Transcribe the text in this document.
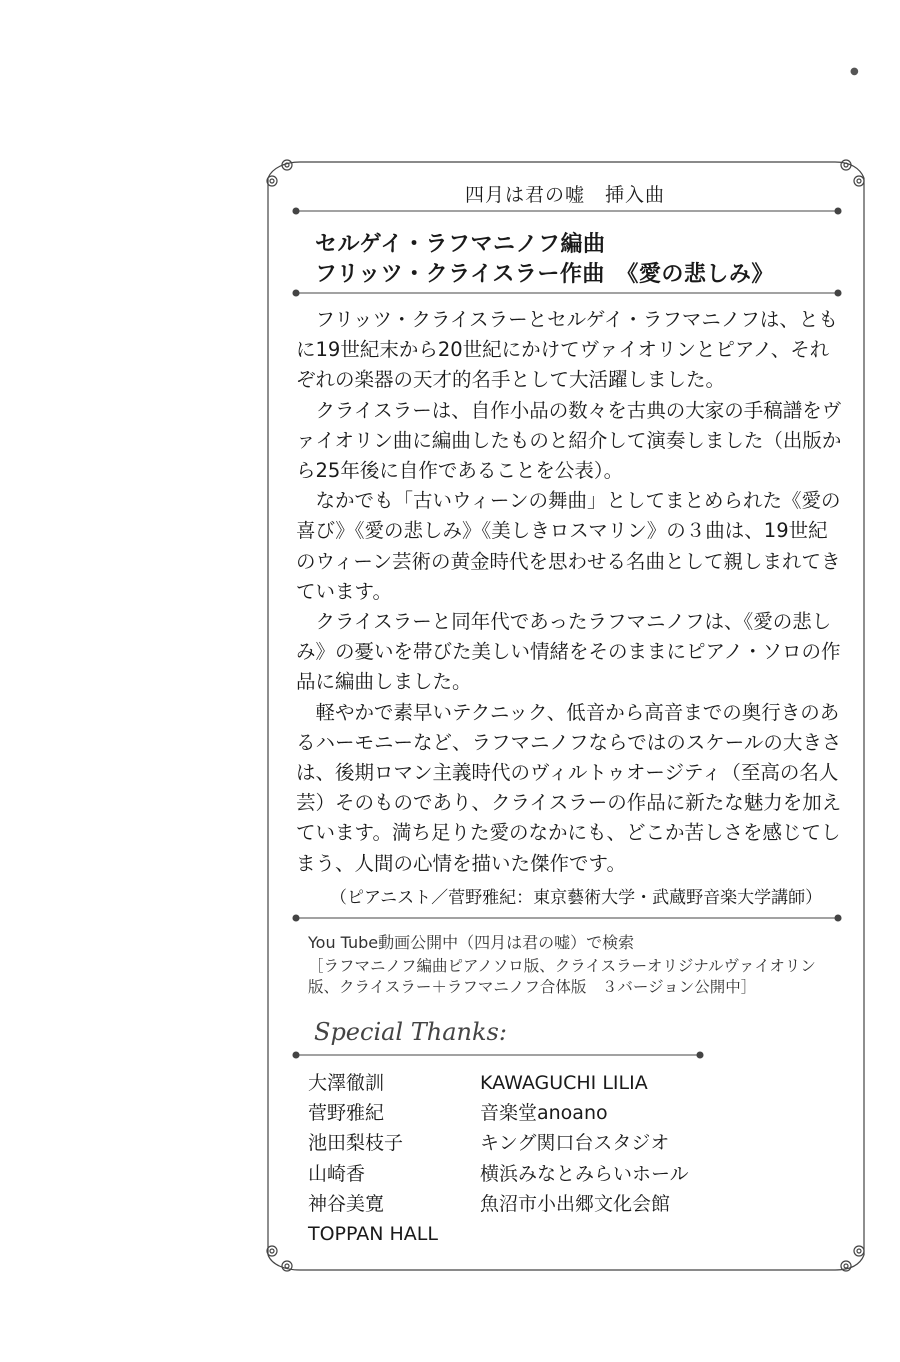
●
四月は君の嘘　挿入曲
セルゲイ・ラフマニノフ編曲
フリッツ・クライスラー作曲　《愛の悲しみ》

フリッツ・クライスラーとセルゲイ・ラフマニノフは、ともに19世紀末から20世紀にかけてヴァイオリンとピアノ、それぞれの楽器の天才的名手として大活躍しました。

クライスラーは、自作小品の数々を古典の大家の手稿譜をヴァイオリン曲に編曲したものと紹介して演奏しました（出版から25年後に自作であることを公表）。

なかでも「古いウィーンの舞曲」としてまとめられた《愛の喜び》《愛の悲しみ》《美しきロスマリン》の３曲は、19世紀のウィーン芸術の黄金時代を思わせる名曲として親しまれてきています。

クライスラーと同年代であったラフマニノフは、《愛の悲しみ》の憂いを帯びた美しい情緒をそのままにピアノ・ソロの作品に編曲しました。

軽やかで素早いテクニック、低音から高音までの奥行きのあるハーモニーなど、ラフマニノフならではのスケールの大きさは、後期ロマン主義時代のヴィルトゥオージティ（至高の名人芸）そのものであり、クライスラーの作品に新たな魅力を加えています。満ち足りた愛のなかにも、どこか苦しさを感じてしまう、人間の心情を描いた傑作です。

（ピアニスト／菅野雅紀：東京藝術大学・武蔵野音楽大学講師）

You Tube動画公開中（四月は君の嘘）で検索

［ラフマニノフ編曲ピアノソロ版、クライスラーオリジナルヴァイオリン版、クライスラー＋ラフマニノフ合体版　３バージョン公開中］

Special Thanks:
大澤徹訓
菅野雅紀
池田梨枝子
山崎香
神谷美寛
TOPPAN HALL
KAWAGUCHI LILIA
音楽堂anoano
キング関口台スタジオ
横浜みなとみらいホール
魚沼市小出郷文化会館
